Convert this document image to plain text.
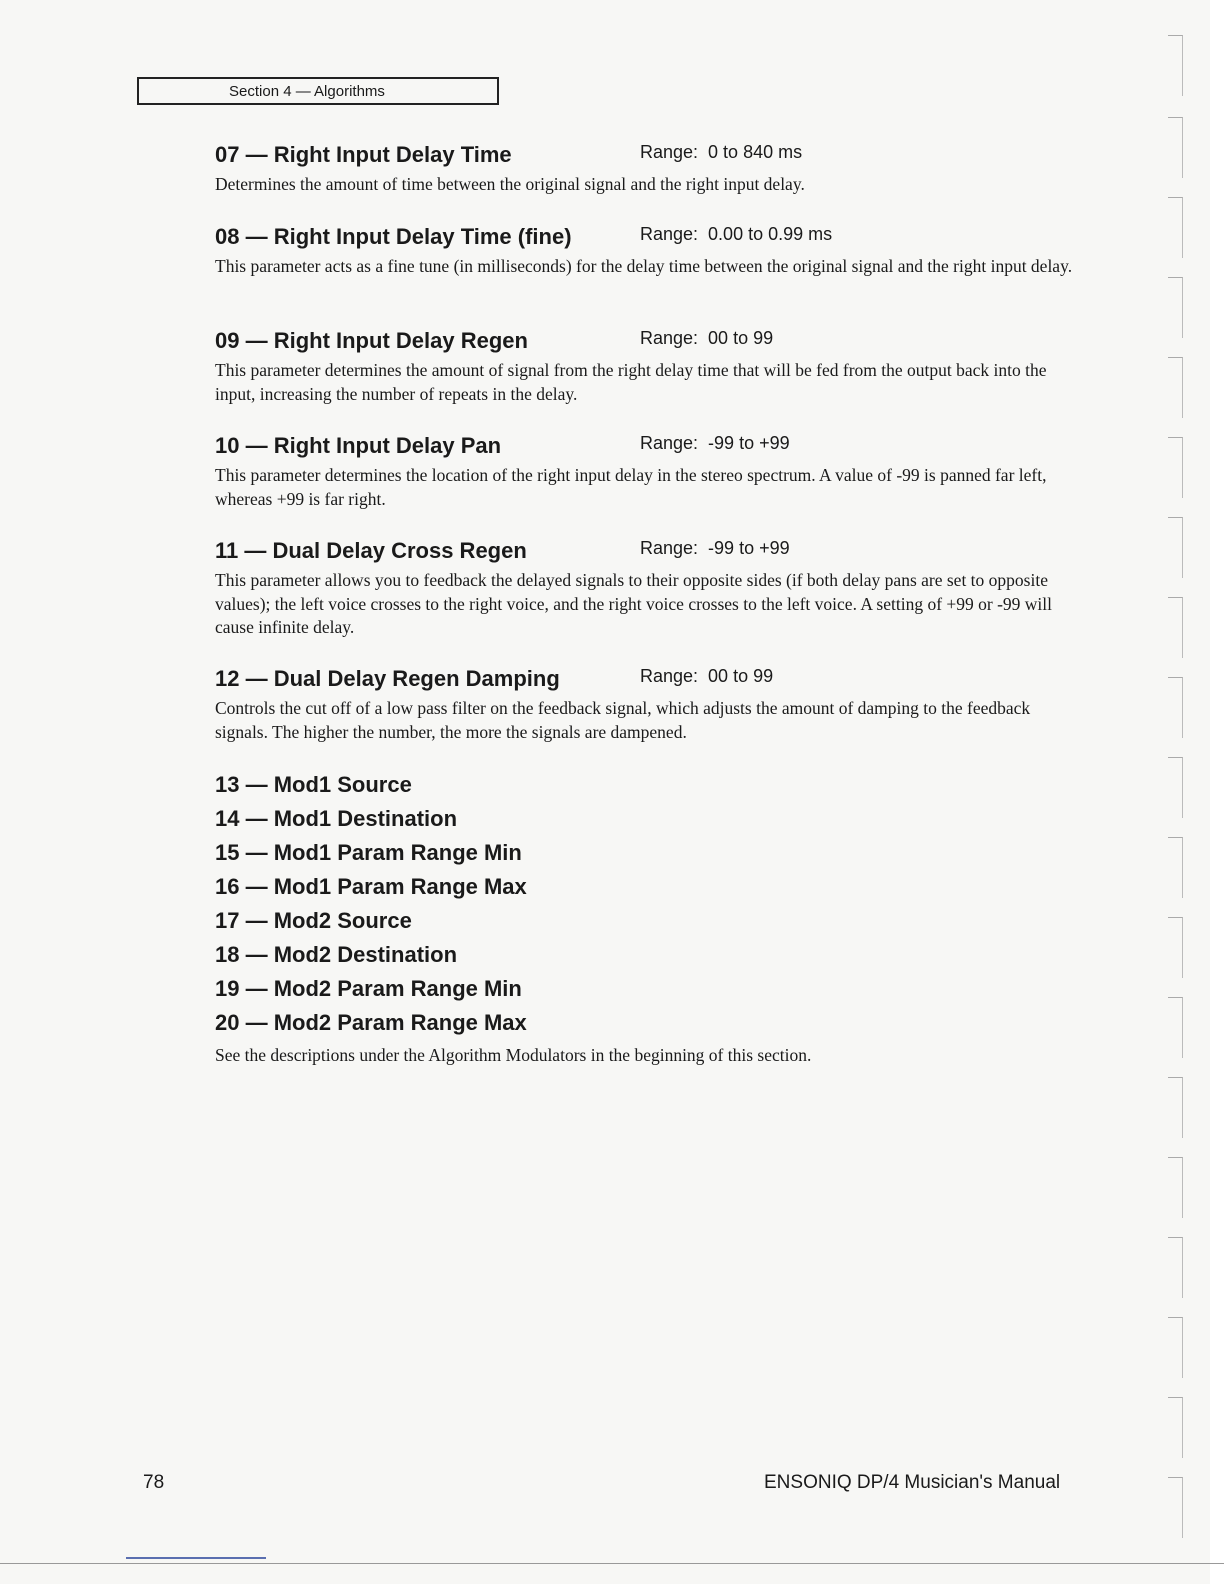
Section 4 — Algorithms
07 — Right Input Delay Time	Range: 0 to 840 ms
Determines the amount of time between the original signal and the right input delay.
08 — Right Input Delay Time (fine)	Range: 0.00 to 0.99 ms
This parameter acts as a fine tune (in milliseconds) for the delay time between the original signal and the right input delay.
09 — Right Input Delay Regen	Range: 00 to 99
This parameter determines the amount of signal from the right delay time that will be fed from the output back into the input, increasing the number of repeats in the delay.
10 — Right Input Delay Pan	Range: -99 to +99
This parameter determines the location of the right input delay in the stereo spectrum. A value of -99 is panned far left, whereas +99 is far right.
11 — Dual Delay Cross Regen	Range: -99 to +99
This parameter allows you to feedback the delayed signals to their opposite sides (if both delay pans are set to opposite values); the left voice crosses to the right voice, and the right voice crosses to the left voice. A setting of +99 or -99 will cause infinite delay.
12 — Dual Delay Regen Damping	Range: 00 to 99
Controls the cut off of a low pass filter on the feedback signal, which adjusts the amount of damping to the feedback signals. The higher the number, the more the signals are dampened.
13 — Mod1 Source
14 — Mod1 Destination
15 — Mod1 Param Range Min
16 — Mod1 Param Range Max
17 — Mod2 Source
18 — Mod2 Destination
19 — Mod2 Param Range Min
20 — Mod2 Param Range Max
See the descriptions under the Algorithm Modulators in the beginning of this section.
78	ENSONIQ DP/4 Musician's Manual
